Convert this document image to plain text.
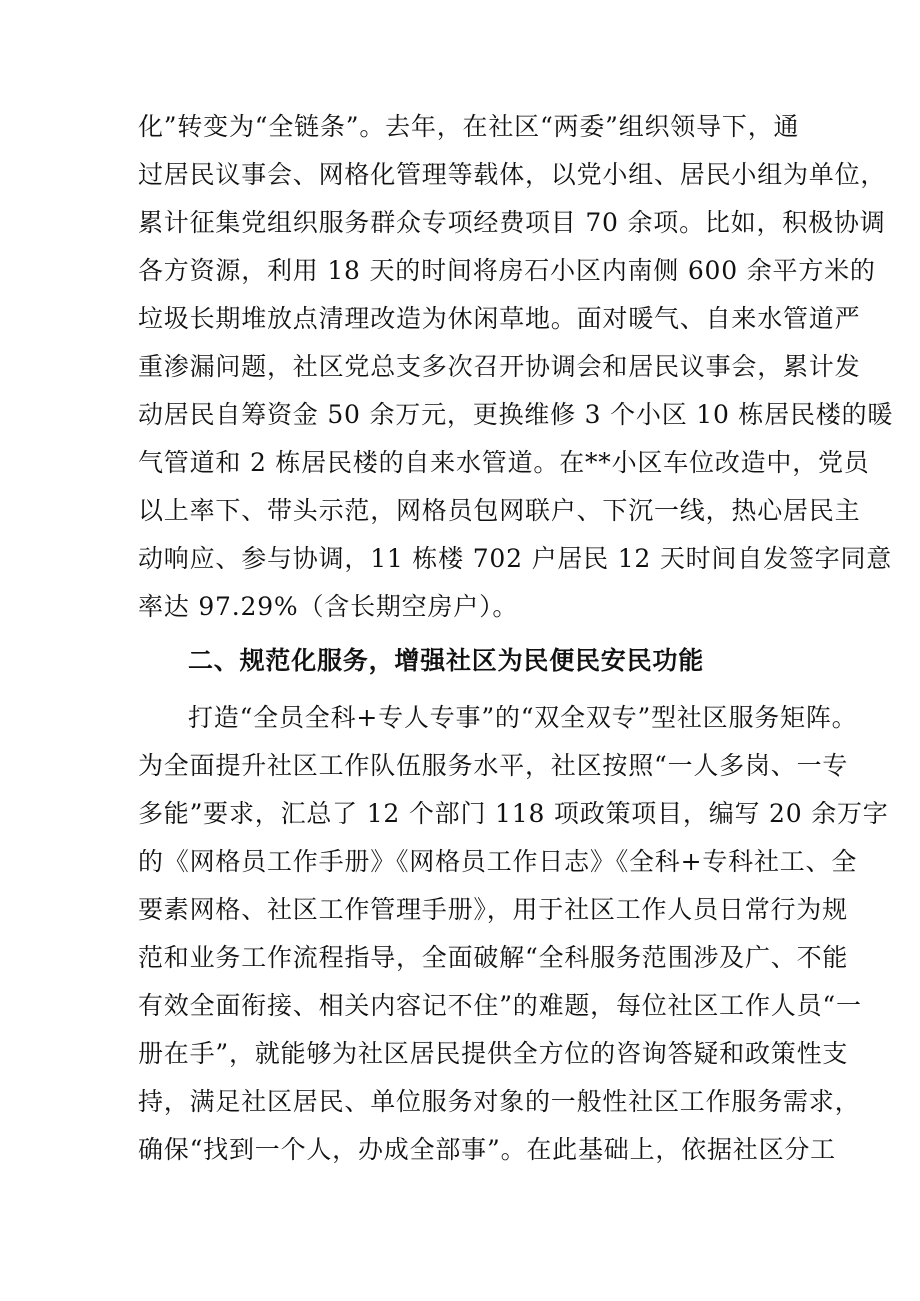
化”转变为“全链条”。去年，在社区“两委”组织领导下，通
过居民议事会、网格化管理等载体，以党小组、居民小组为单位，
累计征集党组织服务群众专项经费项目 70 余项。比如，积极协调
各方资源，利用 18 天的时间将房石小区内南侧 600 余平方米的
垃圾长期堆放点清理改造为休闲草地。面对暖气、自来水管道严
重渗漏问题，社区党总支多次召开协调会和居民议事会，累计发
动居民自筹资金 50 余万元，更换维修 3 个小区 10 栋居民楼的暖
气管道和 2 栋居民楼的自来水管道。在**小区车位改造中，党员
以上率下、带头示范，网格员包网联户、下沉一线，热心居民主
动响应、参与协调，11 栋楼 702 户居民 12 天时间自发签字同意
率达 97.29%（含长期空房户）。
二、规范化服务，增强社区为民便民安民功能
打造“全员全科+专人专事”的“双全双专”型社区服务矩阵。
为全面提升社区工作队伍服务水平，社区按照“一人多岗、一专
多能”要求，汇总了 12 个部门 118 项政策项目，编写 20 余万字
的《网格员工作手册》《网格员工作日志》《全科+专科社工、全
要素网格、社区工作管理手册》，用于社区工作人员日常行为规
范和业务工作流程指导，全面破解“全科服务范围涉及广、不能
有效全面衔接、相关内容记不住”的难题，每位社区工作人员“一
册在手”，就能够为社区居民提供全方位的咨询答疑和政策性支
持，满足社区居民、单位服务对象的一般性社区工作服务需求，
确保“找到一个人，办成全部事”。在此基础上，依据社区分工
